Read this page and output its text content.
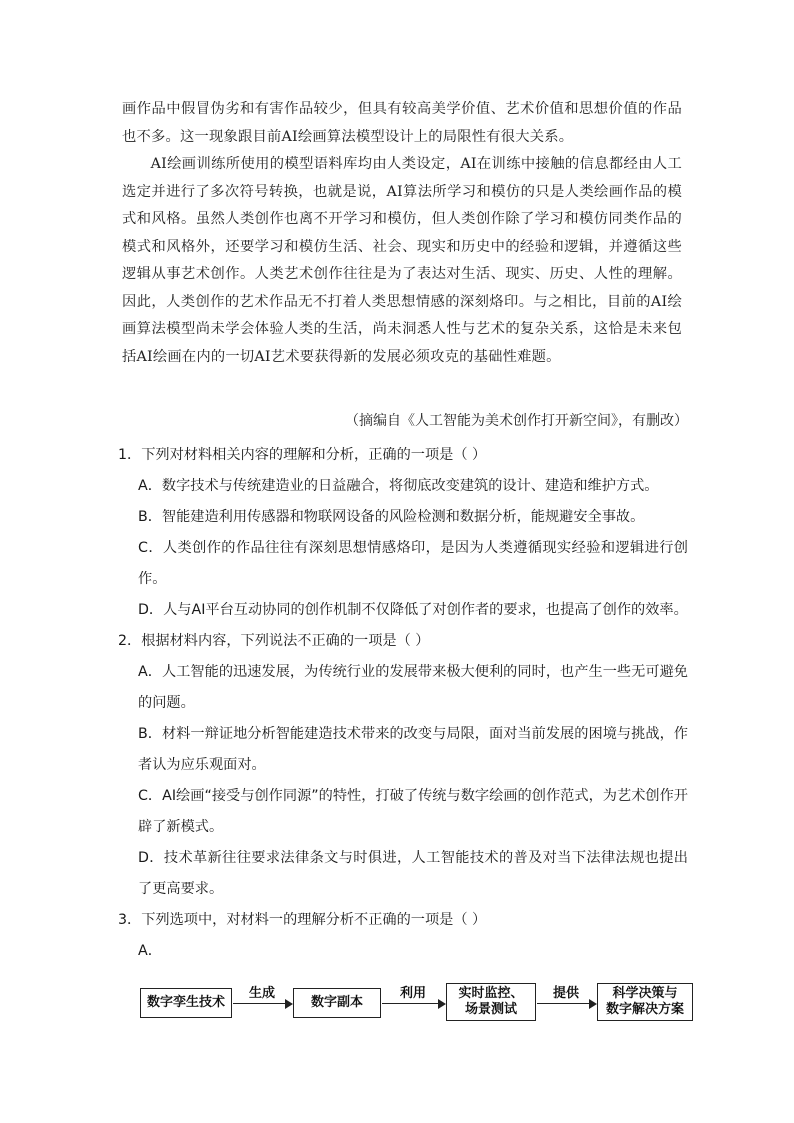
画作品中假冒伪劣和有害作品较少，但具有较高美学价值、艺术价值和思想价值的作品也不多。这一现象跟目前AI绘画算法模型设计上的局限性有很大关系。

AI绘画训练所使用的模型语料库均由人类设定，AI在训练中接触的信息都经由人工选定并进行了多次符号转换，也就是说，AI算法所学习和模仿的只是人类绘画作品的模式和风格。虽然人类创作也离不开学习和模仿，但人类创作除了学习和模仿同类作品的模式和风格外，还要学习和模仿生活、社会、现实和历史中的经验和逻辑，并遵循这些逻辑从事艺术创作。人类艺术创作往往是为了表达对生活、现实、历史、人性的理解。因此，人类创作的艺术作品无不打着人类思想情感的深刻烙印。与之相比，目前的AI绘画算法模型尚未学会体验人类的生活，尚未洞悉人性与艺术的复杂关系，这恰是未来包括AI绘画在内的一切AI艺术要获得新的发展必须攻克的基础性难题。

（摘编自《人工智能为美术创作打开新空间》，有删改）

1．下列对材料相关内容的理解和分析，正确的一项是（ ）

A．数字技术与传统建造业的日益融合，将彻底改变建筑的设计、建造和维护方式。

B．智能建造利用传感器和物联网设备的风险检测和数据分析，能规避安全事故。

C．人类创作的作品往往有深刻思想情感烙印，是因为人类遵循现实经验和逻辑进行创作。

D．人与AI平台互动协同的创作机制不仅降低了对创作者的要求，也提高了创作的效率。

2．根据材料内容，下列说法不正确的一项是（ ）

A．人工智能的迅速发展，为传统行业的发展带来极大便利的同时，也产生一些无可避免的问题。

B．材料一辩证地分析智能建造技术带来的改变与局限，面对当前发展的困境与挑战，作者认为应乐观面对。

C．AI绘画“接受与创作同源”的特性，打破了传统与数字绘画的创作范式，为艺术创作开辟了新模式。

D．技术革新往往要求法律条文与时俱进，人工智能技术的普及对当下法律法规也提出了更高要求。

3．下列选项中，对材料一的理解分析不正确的一项是（ ）

A．

数字孪生技术
生成
数字副本
利用	实时监控、
场景测试
提供	科学决策与
数字解决方案
